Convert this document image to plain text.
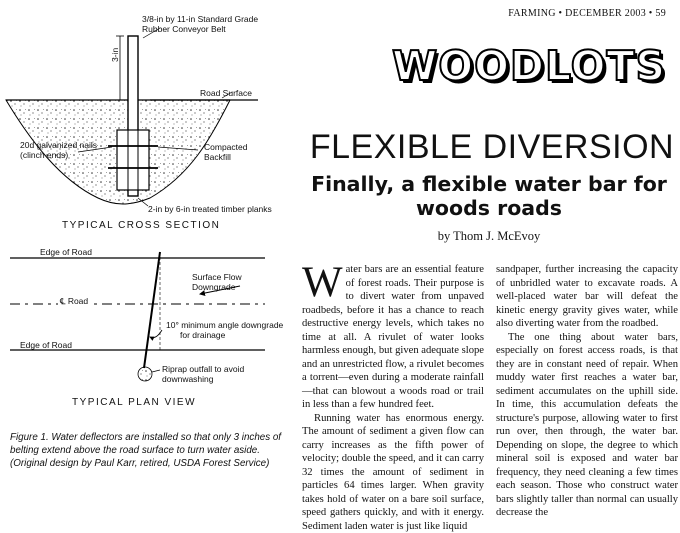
FARMING • DECEMBER 2003 • 59
WOODLOTS
FLEXIBLE DIVERSION
Finally, a flexible water bar for woods roads
by Thom J. McEvoy

Water bars are an essential feature of forest roads. Their purpose is to divert water from unpaved roadbeds, before it has a chance to reach destructive energy levels, which takes no time at all. A rivulet of water looks harmless enough, but given adequate slope and an unrestricted flow, a rivulet becomes a torrent—even during a moderate rainfall—that can blowout a woods road or trail in less than a few hundred feet.

Running water has enormous energy. The amount of sediment a given flow can carry increases as the fifth power of velocity; double the speed, and it can carry 32 times the amount of sediment in particles 64 times larger. When gravity takes hold of water on a bare soil surface, speed gathers quickly, and with it energy. Sediment laden water is just like liquid

sandpaper, further increasing the capacity of unbridled water to excavate roads. A well-placed water bar will defeat the kinetic energy gravity gives water, while also diverting water from the roadbed.

The one thing about water bars, especially on forest access roads, is that they are in constant need of repair. When muddy water first reaches a water bar, sediment accumulates on the uphill side. In time, this accumulation defeats the structure's purpose, allowing water to first run over, then through, the water bar. Depending on slope, the degree to which mineral soil is exposed and water bar frequency, they need cleaning a few times each season. Those who construct water bars slightly taller than normal can usually decrease the

3/8-in by 11-in Standard Grade
Rubber Conveyor Belt
3-in
Road Surface
20d galvanized nails
(clinch ends)
Compacted
Backfill
2-in by 6-in treated timber planks
TYPICAL CROSS SECTION
Edge of Road
Surface Flow
Downgrade
℄ Road
10° minimum angle downgrade
for drainage
Edge of Road
Riprap outfall to avoid
downwashing
TYPICAL PLAN VIEW
Figure 1. Water deflectors are installed so that only 3 inches of belting extend above the road surface to turn water aside. (Original design by Paul Karr, retired, USDA Forest Service)
